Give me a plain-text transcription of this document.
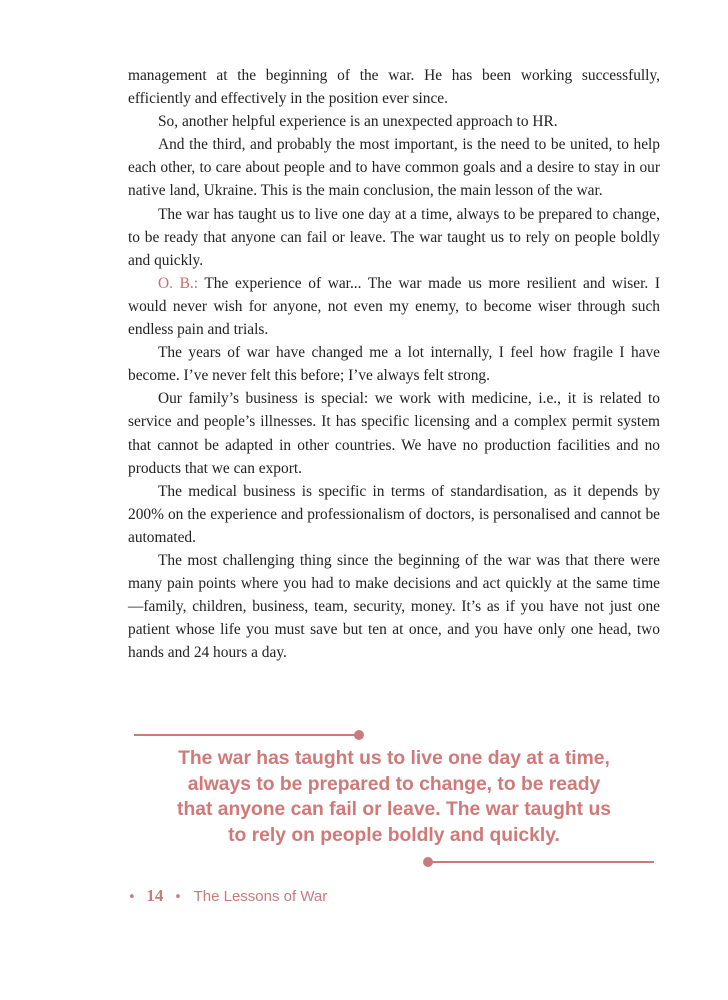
management at the beginning of the war. He has been working successfully, efficiently and effectively in the position ever since.

So, another helpful experience is an unexpected approach to HR.

And the third, and probably the most important, is the need to be united, to help each other, to care about people and to have common goals and a desire to stay in our native land, Ukraine. This is the main conclusion, the main lesson of the war.

The war has taught us to live one day at a time, always to be prepared to change, to be ready that anyone can fail or leave. The war taught us to rely on people boldly and quickly.

O. B.: The experience of war... The war made us more resilient and wiser. I would never wish for anyone, not even my enemy, to become wiser through such endless pain and trials.

The years of war have changed me a lot internally, I feel how fragile I have become. I’ve never felt this before; I’ve always felt strong.

Our family’s business is special: we work with medicine, i.e., it is related to service and people’s illnesses. It has specific licensing and a complex permit system that cannot be adapted in other countries. We have no production facilities and no products that we can export.

The medical business is specific in terms of standardisation, as it depends by 200% on the experience and professionalism of doctors, is personalised and cannot be automated.

The most challenging thing since the beginning of the war was that there were many pain points where you had to make decisions and act quickly at the same time—family, children, business, team, security, money. It’s as if you have not just one patient whose life you must save but ten at once, and you have only one head, two hands and 24 hours a day.

The war has taught us to live one day at a time,
always to be prepared to change, to be ready
that anyone can fail or leave. The war taught us
to rely on people boldly and quickly.
• 14 • The Lessons of War
